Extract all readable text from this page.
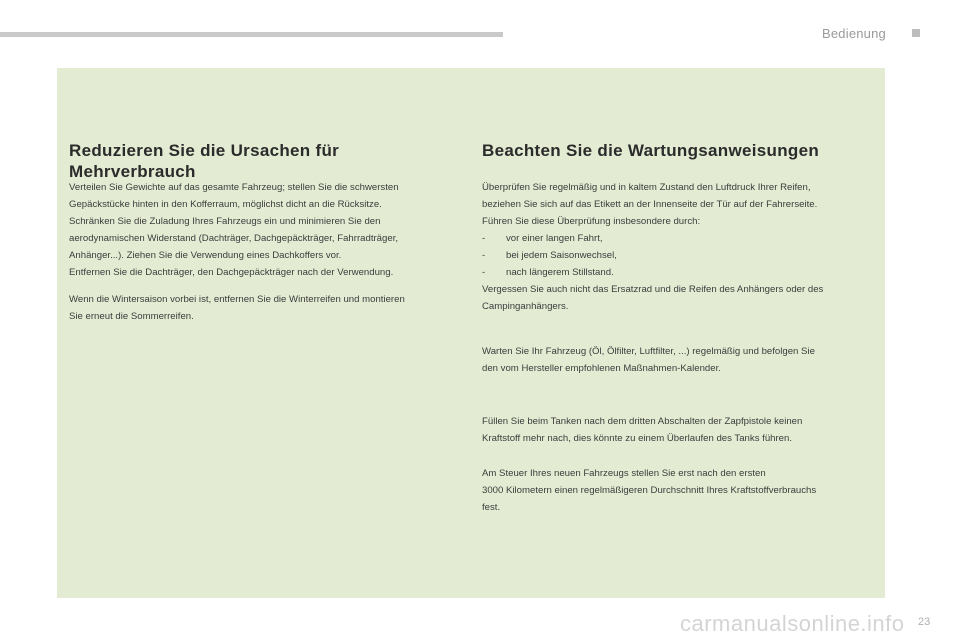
Bedienung
Reduzieren Sie die Ursachen für
Mehrverbrauch
Verteilen Sie Gewichte auf das gesamte Fahrzeug; stellen Sie die schwersten
Gepäckstücke hinten in den Kofferraum, möglichst dicht an die Rücksitze.
Schränken Sie die Zuladung Ihres Fahrzeugs ein und minimieren Sie den
aerodynamischen Widerstand (Dachträger, Dachgepäckträger, Fahrradträger,
Anhänger...). Ziehen Sie die Verwendung eines Dachkoffers vor.
Entfernen Sie die Dachträger, den Dachgepäckträger nach der Verwendung.
Wenn die Wintersaison vorbei ist, entfernen Sie die Winterreifen und montieren
Sie erneut die Sommerreifen.
Beachten Sie die Wartungsanweisungen
Überprüfen Sie regelmäßig und in kaltem Zustand den Luftdruck Ihrer Reifen,
beziehen Sie sich auf das Etikett an der Innenseite der Tür auf der Fahrerseite.
Führen Sie diese Überprüfung insbesondere durch:
- vor einer langen Fahrt,
- bei jedem Saisonwechsel,
- nach längerem Stillstand.
Vergessen Sie auch nicht das Ersatzrad und die Reifen des Anhängers oder des
Campinganhängers.
Warten Sie Ihr Fahrzeug (Öl, Ölfilter, Luftfilter, ...) regelmäßig und befolgen Sie
den vom Hersteller empfohlenen Maßnahmen-Kalender.
Füllen Sie beim Tanken nach dem dritten Abschalten der Zapfpistole keinen
Kraftstoff mehr nach, dies könnte zu einem Überlaufen des Tanks führen.
Am Steuer Ihres neuen Fahrzeugs stellen Sie erst nach den ersten
3000 Kilometern einen regelmäßigeren Durchschnitt Ihres Kraftstoffverbrauchs
fest.
carmanualsonline.info 23
